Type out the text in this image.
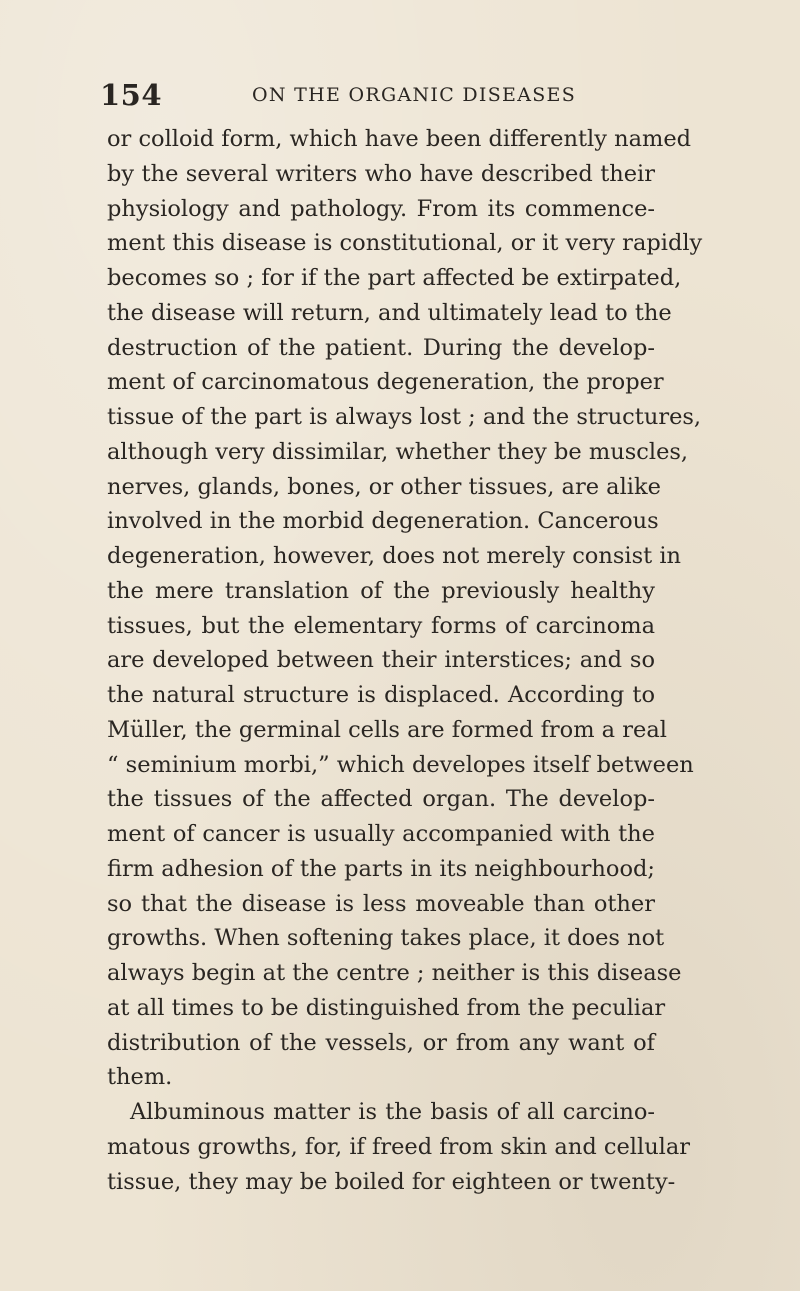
154	ON THE ORGANIC DISEASES
or colloid form, which have been differently named
by the several writers who have described their
physiology and pathology. From its commence-
ment this disease is constitutional, or it very rapidly
becomes so ; for if the part affected be extirpated,
the disease will return, and ultimately lead to the
destruction of the patient. During the develop-
ment of carcinomatous degeneration, the proper
tissue of the part is always lost ; and the structures,
although very dissimilar, whether they be muscles,
nerves, glands, bones, or other tissues, are alike
involved in the morbid degeneration. Cancerous
degeneration, however, does not merely consist in
the mere translation of the previously healthy
tissues, but the elementary forms of carcinoma
are developed between their interstices; and so
the natural structure is displaced. According to
Müller, the germinal cells are formed from a real
“ seminium morbi,” which developes itself between
the tissues of the affected organ. The develop-
ment of cancer is usually accompanied with the
firm adhesion of the parts in its neighbourhood;
so that the disease is less moveable than other
growths. When softening takes place, it does not
always begin at the centre ; neither is this disease
at all times to be distinguished from the peculiar
distribution of the vessels, or from any want of
them.
Albuminous matter is the basis of all carcino-
matous growths, for, if freed from skin and cellular
tissue, they may be boiled for eighteen or twenty-
